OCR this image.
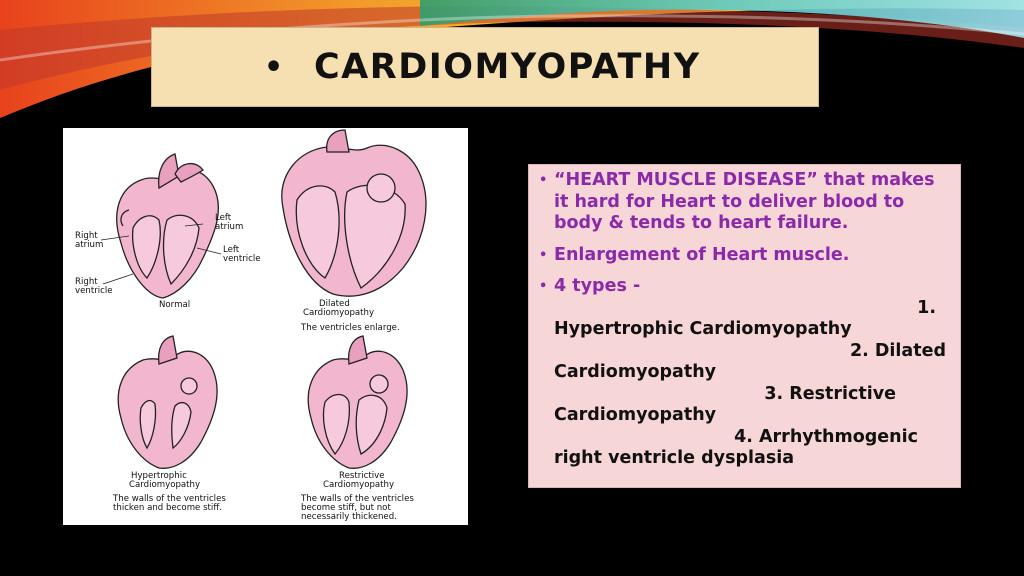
• CARDIOMYOPATHY
Right
atrium
Left
atrium
Left
ventricle
Right
ventricle
Normal	Dilated
Cardiomyopathy
The ventricles enlarge.
Hypertrophic
Cardiomyopathy
The walls of the ventricles
thicken and become stiff.
Restrictive
Cardiomyopathy
The walls of the ventricles
become stiff, but not
necessarily thickened.
• “HEART MUSCLE DISEASE” that makes it hard for Heart to deliver blood to body & tends to heart failure.
• Enlargement of Heart muscle.
• 4 types -
1.
Hypertrophic Cardiomyopathy
2. Dilated
Cardiomyopathy
3. Restrictive
Cardiomyopathy
4. Arrhythmogenic
right ventricle dysplasia
